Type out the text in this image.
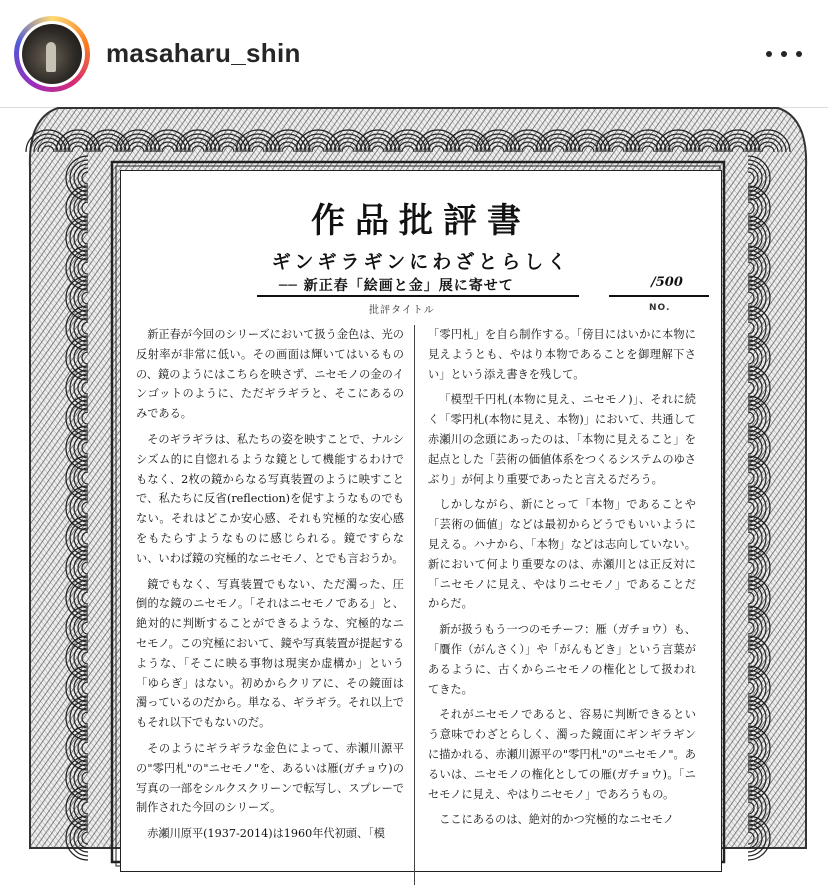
masaharu_shin
作品批評書
ギンギラギンにわざとらしく
── 新正春「絵画と金」展に寄せて	/500
批評タイトル	NO.

新正春が今回のシリーズにおいて扱う金色は、光の反射率が非常に低い。その画面は輝いてはいるものの、鏡のようにはこちらを映さず、ニセモノの金のインゴットのように、ただギラギラと、そこにあるのみである。

そのギラギラは、私たちの姿を映すことで、ナルシシズム的に自惚れるような鏡として機能するわけでもなく、2枚の鏡からなる写真装置のように映すことで、私たちに反省(reflection)を促すようなものでもない。それはどこか安心感、それも究極的な安心感をもたらすようなものに感じられる。鏡ですらない、いわば鏡の究極的なニセモノ、とでも言おうか。

鏡でもなく、写真装置でもない、ただ濁った、圧倒的な鏡のニセモノ。「それはニセモノである」と、絶対的に判断することができるような、究極的なニセモノ。この究極において、鏡や写真装置が提起するような、「そこに映る事物は現実か虚構か」という「ゆらぎ」はない。初めからクリアに、その鏡面は濁っているのだから。単なる、ギラギラ。それ以上でもそれ以下でもないのだ。

そのようにギラギラな金色によって、赤瀬川源平の"零円札"の"ニセモノ"を、あるいは雁(ガチョウ)の写真の一部をシルクスクリーンで転写し、スプレーで制作された今回のシリーズ。

赤瀬川原平(1937-2014)は1960年代初頭、「模

「零円札」を自ら制作する。「傍目にはいかに本物に見えようとも、やはり本物であることを御理解下さい」という添え書きを残して。

「模型千円札(本物に見え、ニセモノ)」、それに続く「零円札(本物に見え、本物)」において、共通して赤瀬川の念頭にあったのは、「本物に見えること」を起点とした「芸術の価値体系をつくるシステムのゆさぶり」が何より重要であったと言えるだろう。

しかしながら、新にとって「本物」であることや「芸術の価値」などは最初からどうでもいいように見える。ハナから、「本物」などは志向していない。新において何より重要なのは、赤瀬川とは正反対に「ニセモノに見え、やはりニセモノ」であることだからだ。

新が扱うもう一つのモチーフ：雁（ガチョウ）も、「贋作（がんさく）」や「がんもどき」という言葉があるように、古くからニセモノの権化として扱われてきた。

それがニセモノであると、容易に判断できるという意味でわざとらしく、濁った鏡面にギンギラギンに描かれる、赤瀬川源平の"零円札"の"ニセモノ"。あるいは、ニセモノの権化としての雁(ガチョウ)。「ニセモノに見え、やはりニセモノ」であろうもの。

ここにあるのは、絶対的かつ究極的なニセモノ
